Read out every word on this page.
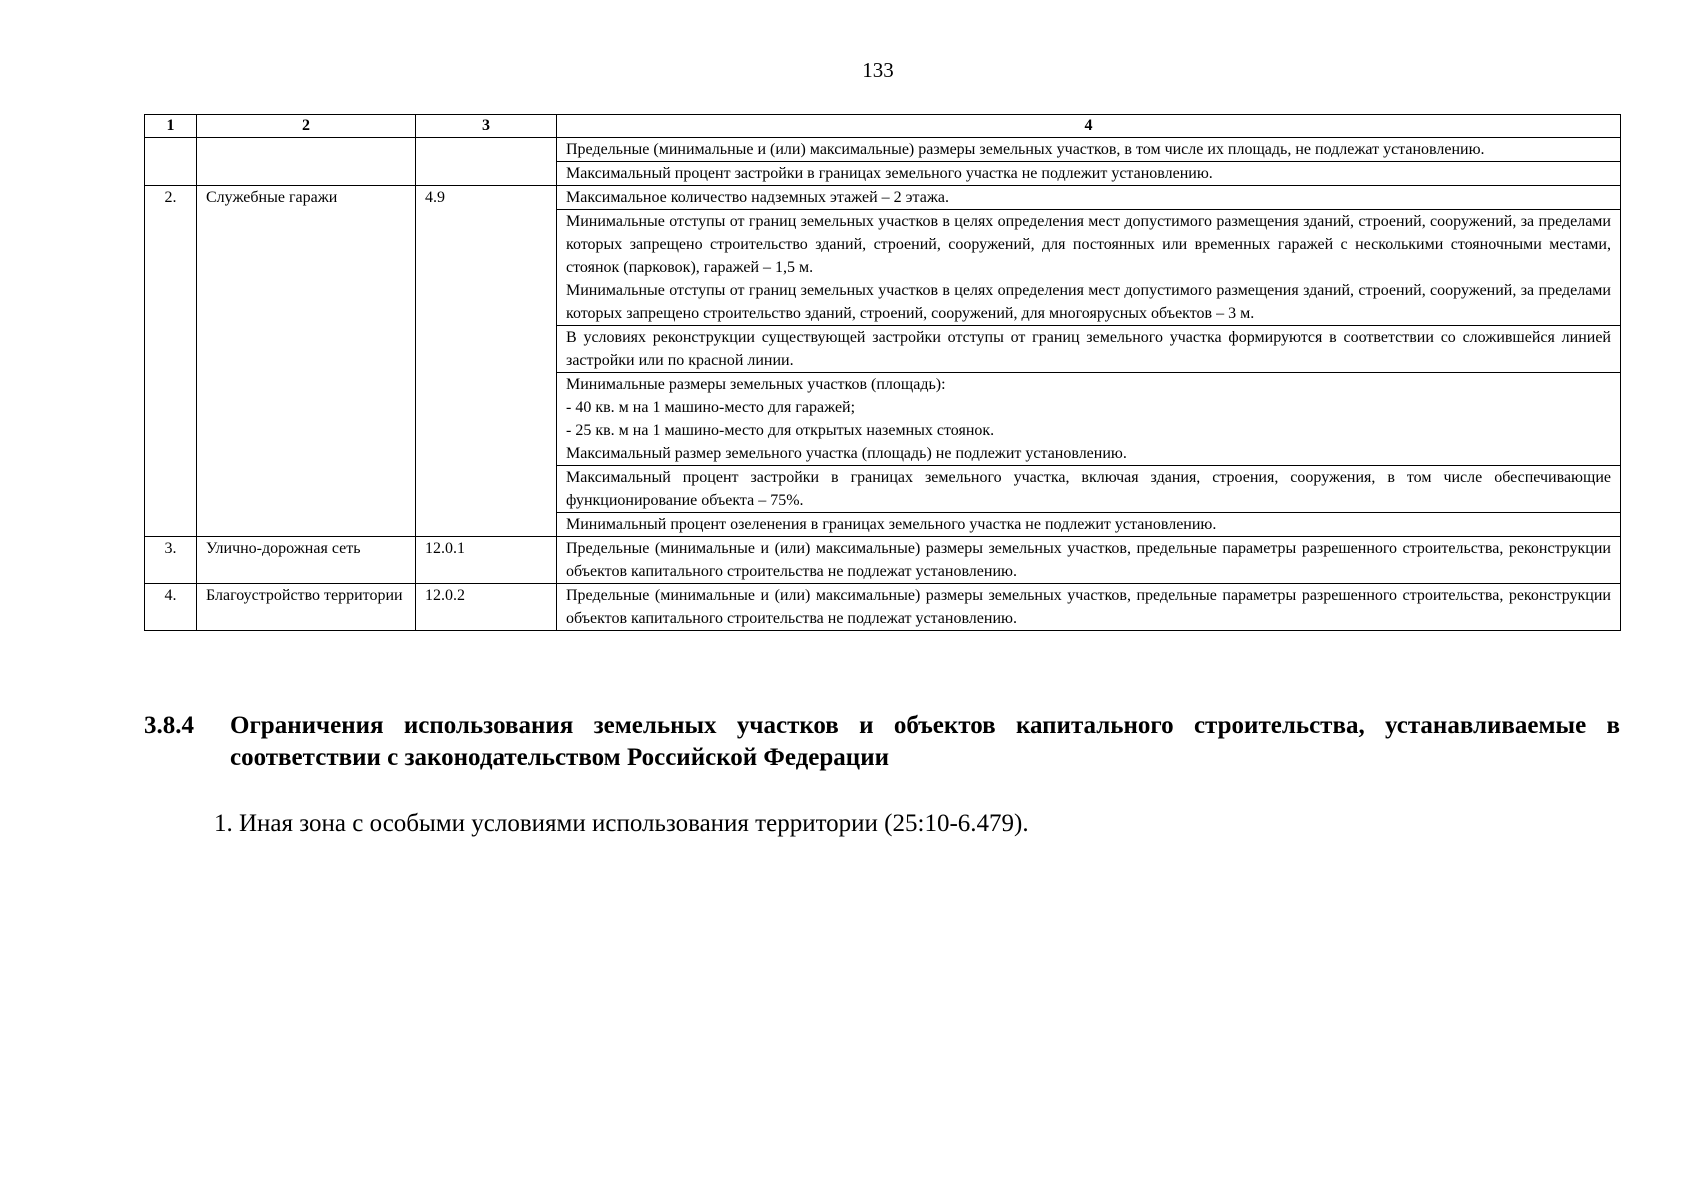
133
1	2	3	4
			Предельные (минимальные и (или) максимальные) размеры земельных участков, в том числе их площадь, не подлежат установлению.
			Максимальный процент застройки в границах земельного участка не подлежит установлению.
2.	Служебные гаражи	4.9	Максимальное количество надземных этажей – 2 этажа.

			Минимальные отступы от границ земельных участков в целях определения мест допустимого размещения зданий, строений, сооружений, за пределами которых запрещено строительство зданий, строений, сооружений, для постоянных или временных гаражей с несколькими стояночными местами, стоянок (парковок), гаражей – 1,5 м.
Минимальные отступы от границ земельных участков в целях определения мест допустимого размещения зданий, строений, сооружений, за пределами которых запрещено строительство зданий, строений, сооружений, для многоярусных объектов – 3 м.

			В условиях реконструкции существующей застройки отступы от границ земельного участка формируются в соответствии со сложившейся линией застройки или по красной линии.

			Минимальные размеры земельных участков (площадь):
- 40 кв. м на 1 машино-место для гаражей;
- 25 кв. м на 1 машино-место для открытых наземных стоянок.
Максимальный размер земельного участка (площадь) не подлежит установлению.

			Максимальный процент застройки в границах земельного участка, включая здания, строения, сооружения, в том числе обеспечивающие функционирование объекта – 75%.
			Минимальный процент озеленения в границах земельного участка не подлежит установлению.
3.	Улично-дорожная сеть	12.0.1	Предельные (минимальные и (или) максимальные) размеры земельных участков, предельные параметры разрешенного строительства, реконструкции объектов капитального строительства не подлежат установлению.
4.	Благоустройство территории	12.0.2	Предельные (минимальные и (или) максимальные) размеры земельных участков, предельные параметры разрешенного строительства, реконструкции объектов капитального строительства не подлежат установлению.
3.8.4 Ограничения использования земельных участков и объектов капитального строительства, устанавливаемые в соответствии с законодательством Российской Федерации
1. Иная зона с особыми условиями использования территории (25:10-6.479).
